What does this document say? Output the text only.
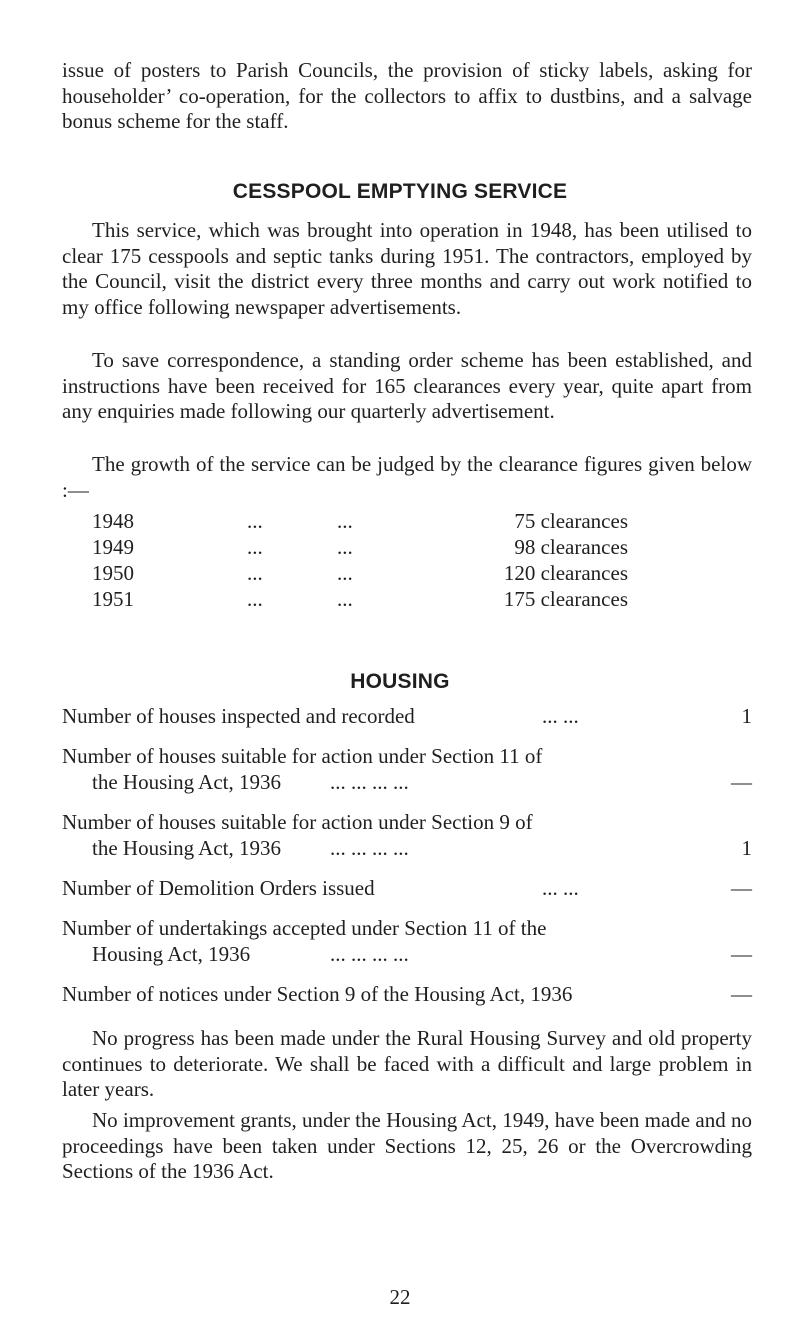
issue of posters to Parish Councils, the provision of sticky labels, asking for householder’ co-operation, for the collectors to affix to dustbins, and a salvage bonus scheme for the staff.

CESSPOOL EMPTYING SERVICE

This service, which was brought into operation in 1948, has been utilised to clear 175 cesspools and septic tanks during 1951. The contractors, employed by the Council, visit the district every three months and carry out work notified to my office following newspaper advertisements.

To save correspondence, a standing order scheme has been established, and instructions have been received for 165 clearances every year, quite apart from any enquiries made following our quarterly advertisement.

The growth of the service can be judged by the clearance figures given below :—

1948	...	...	75 clearances
1949	...	...	98 clearances
1950	...	...	120 clearances
1951	...	...	175 clearances
HOUSING
Number of houses inspected and recorded	... ...	1
Number of houses suitable for action under Section 11 of
the Housing Act, 1936	... ... ... ...	—
Number of houses suitable for action under Section 9 of
the Housing Act, 1936	... ... ... ...	1
Number of Demolition Orders issued	... ...	—
Number of undertakings accepted under Section 11 of the
Housing Act, 1936	... ... ... ...	—
Number of notices under Section 9 of the Housing Act, 1936	—

No progress has been made under the Rural Housing Survey and old property continues to deteriorate. We shall be faced with a difficult and large problem in later years.

No improvement grants, under the Housing Act, 1949, have been made and no proceedings have been taken under Sections 12, 25, 26 or the Overcrowding Sections of the 1936 Act.

22
